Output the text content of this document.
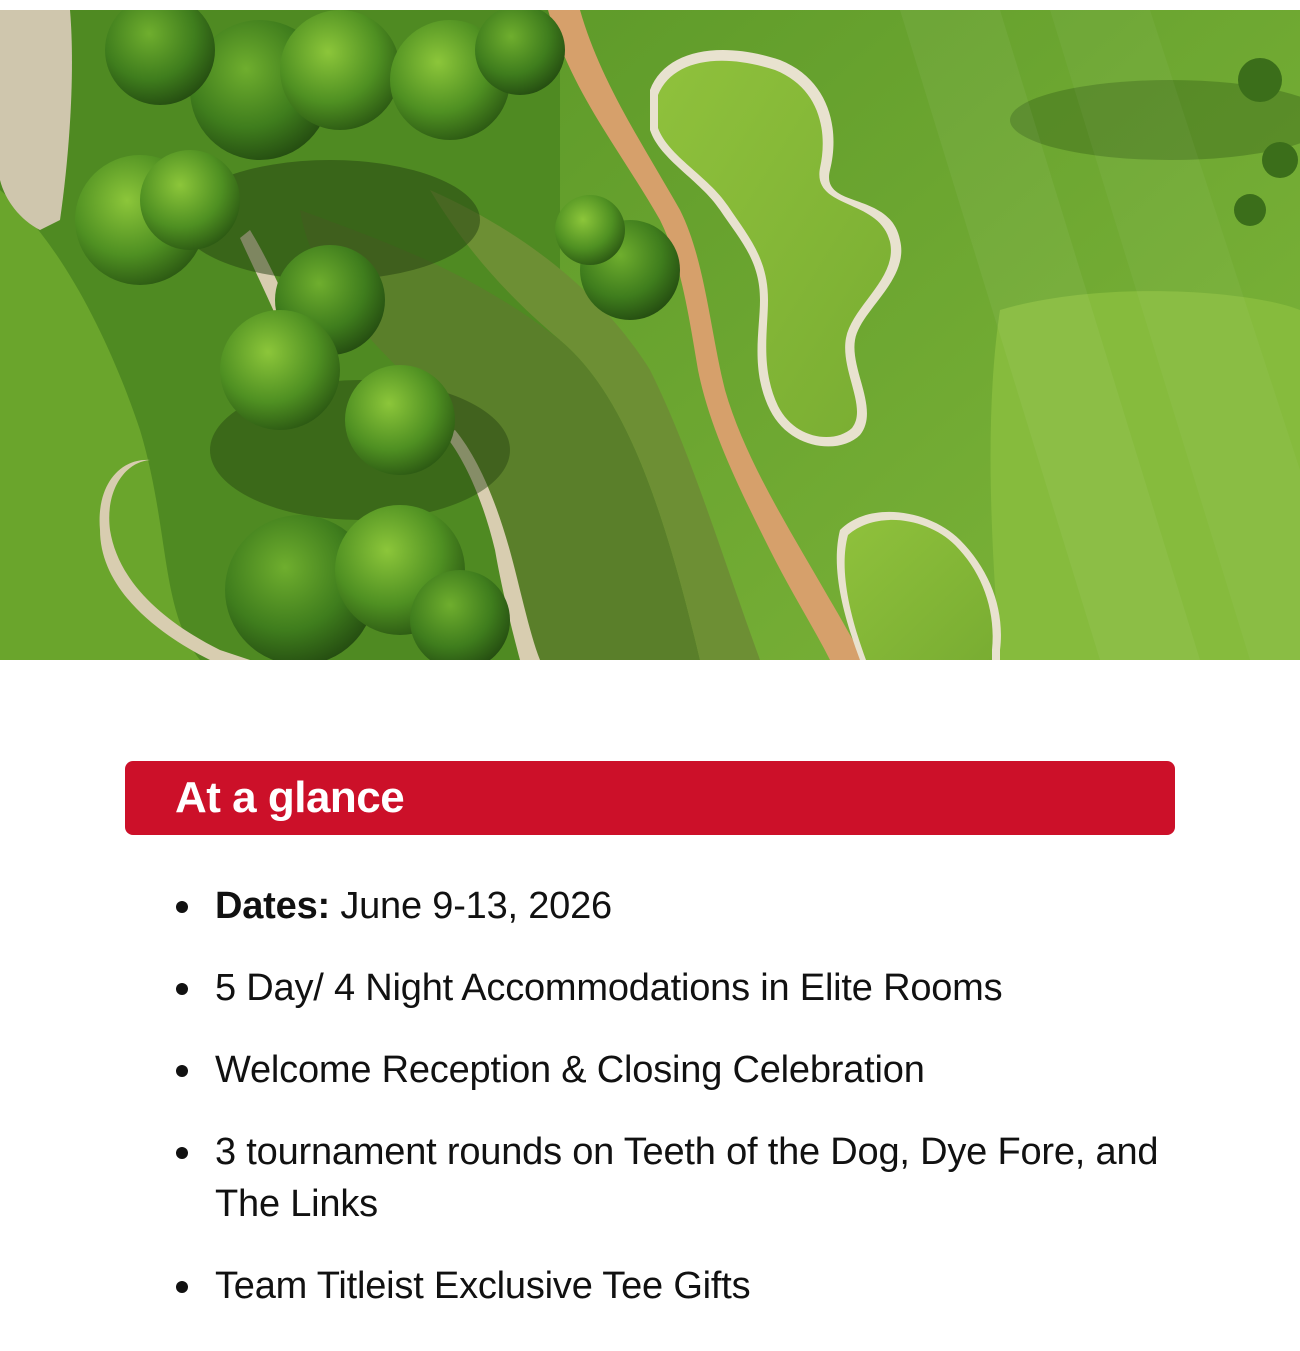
At a glance
Dates: June 9-13, 2026
5 Day/ 4 Night Accommodations in Elite Rooms
Welcome Reception & Closing Celebration
3 tournament rounds on Teeth of the Dog, Dye Fore, and The Links
Team Titleist Exclusive Tee Gifts
